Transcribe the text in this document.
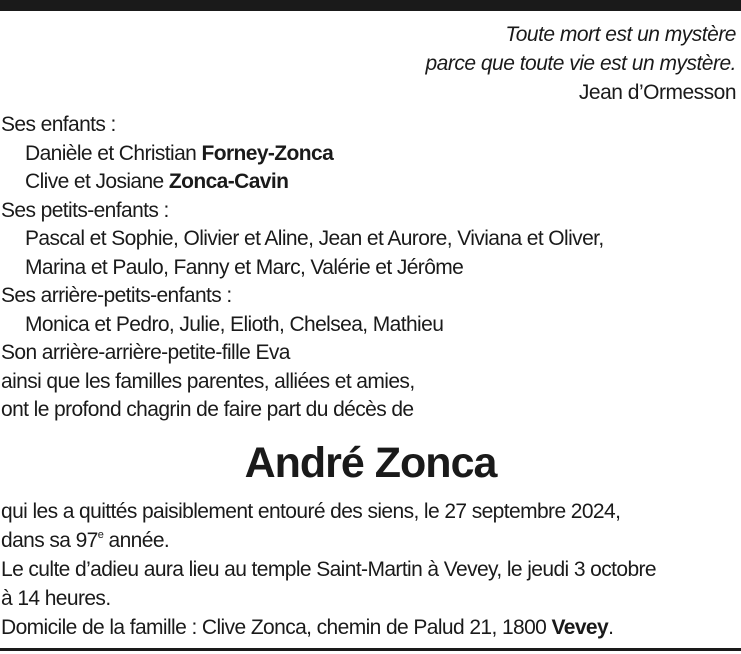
Toute mort est un mystère
parce que toute vie est un mystère.
Jean d’Ormesson
Ses enfants :
Danièle et Christian Forney-Zonca
Clive et Josiane Zonca-Cavin
Ses petits-enfants :
Pascal et Sophie, Olivier et Aline, Jean et Aurore, Viviana et Oliver,
Marina et Paulo, Fanny et Marc, Valérie et Jérôme
Ses arrière-petits-enfants :
Monica et Pedro, Julie, Elioth, Chelsea, Mathieu
Son arrière-arrière-petite-fille Eva
ainsi que les familles parentes, alliées et amies,
ont le profond chagrin de faire part du décès de
André Zonca
qui les a quittés paisiblement entouré des siens, le 27 septembre 2024,
dans sa 97e année.
Le culte d’adieu aura lieu au temple Saint-Martin à Vevey, le jeudi 3 octobre
à 14 heures.
Domicile de la famille : Clive Zonca, chemin de Palud 21, 1800 Vevey.
